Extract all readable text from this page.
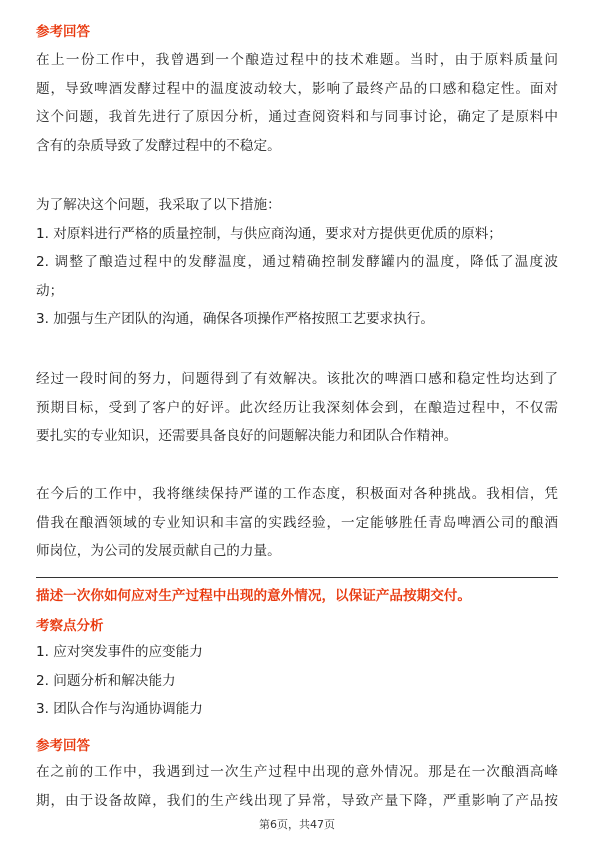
参考回答
在上一份工作中，我曾遇到一个酿造过程中的技术难题。当时，由于原料质量问
题，导致啤酒发酵过程中的温度波动较大，影响了最终产品的口感和稳定性。面对
这个问题，我首先进行了原因分析，通过查阅资料和与同事讨论，确定了是原料中
含有的杂质导致了发酵过程中的不稳定。
为了解决这个问题，我采取了以下措施：
1. 对原料进行严格的质量控制，与供应商沟通，要求对方提供更优质的原料；
2. 调整了酿造过程中的发酵温度，通过精确控制发酵罐内的温度，降低了温度波
动；
3. 加强与生产团队的沟通，确保各项操作严格按照工艺要求执行。
经过一段时间的努力，问题得到了有效解决。该批次的啤酒口感和稳定性均达到了
预期目标，受到了客户的好评。此次经历让我深刻体会到，在酿造过程中，不仅需
要扎实的专业知识，还需要具备良好的问题解决能力和团队合作精神。
在今后的工作中，我将继续保持严谨的工作态度，积极面对各种挑战。我相信，凭
借我在酿酒领域的专业知识和丰富的实践经验，一定能够胜任青岛啤酒公司的酿酒
师岗位，为公司的发展贡献自己的力量。
描述一次你如何应对生产过程中出现的意外情况，以保证产品按期交付。
考察点分析
1. 应对突发事件的应变能力
2. 问题分析和解决能力
3. 团队合作与沟通协调能力
参考回答
在之前的工作中，我遇到过一次生产过程中出现的意外情况。那是在一次酿酒高峰
期，由于设备故障，我们的生产线出现了异常，导致产量下降，严重影响了产品按
第6页，共47页
